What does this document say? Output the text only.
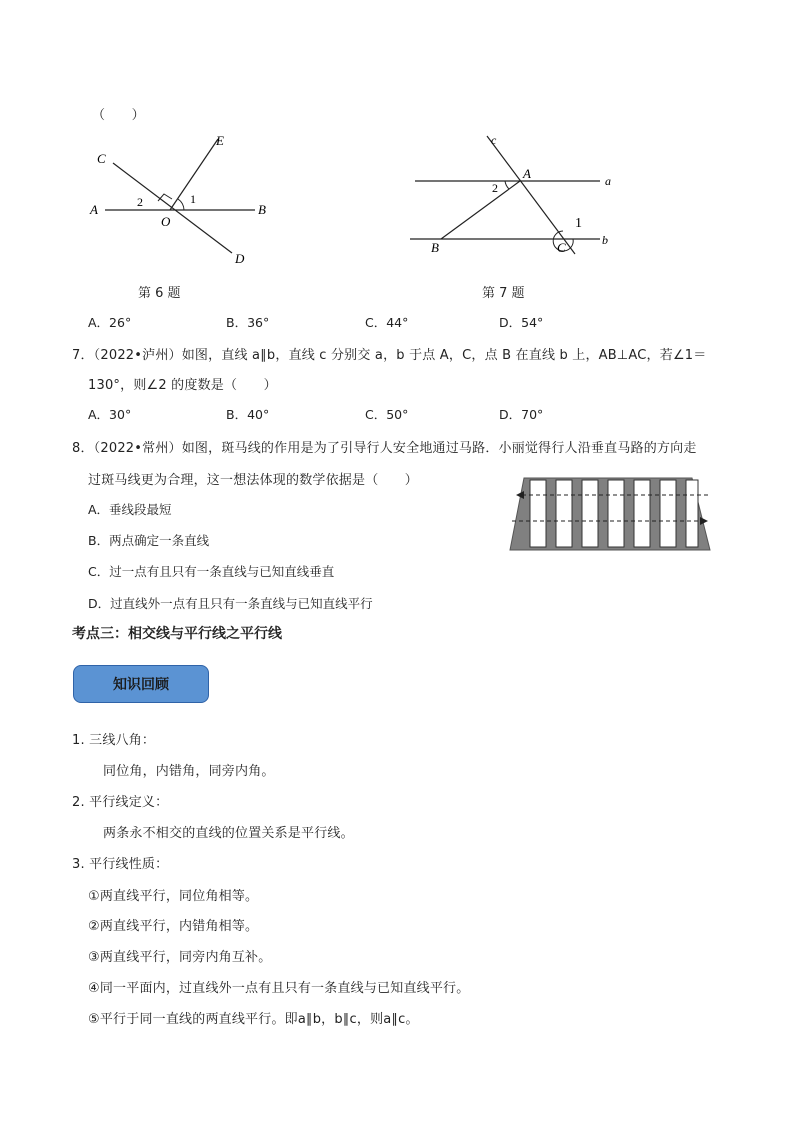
（　　）
C
E
A	2
O
1
B
D
第 6 题
c
A	a
2
1
B	C	b
第 7 题
A．26°	B．36°	C．44°	D．54°
7．（2022•泸州）如图，直线 a∥b，直线 c 分别交 a，b 于点 A，C，点 B 在直线 b 上，AB⊥AC，若∠1＝
130°，则∠2 的度数是（　　）
A．30°	B．40°	C．50°	D．70°
8．（2022•常州）如图，斑马线的作用是为了引导行人安全地通过马路．小丽觉得行人沿垂直马路的方向走
过斑马线更为合理，这一想法体现的数学依据是（　　）
A．垂线段最短
B．两点确定一条直线
C．过一点有且只有一条直线与已知直线垂直
D．过直线外一点有且只有一条直线与已知直线平行
考点三：相交线与平行线之平行线
知识回顾
1. 三线八角：
同位角，内错角，同旁内角。
2. 平行线定义：
两条永不相交的直线的位置关系是平行线。
3. 平行线性质：
①两直线平行，同位角相等。
②两直线平行，内错角相等。
③两直线平行，同旁内角互补。
④同一平面内，过直线外一点有且只有一条直线与已知直线平行。
⑤平行于同一直线的两直线平行。即a∥b，b∥c，则a∥c。
